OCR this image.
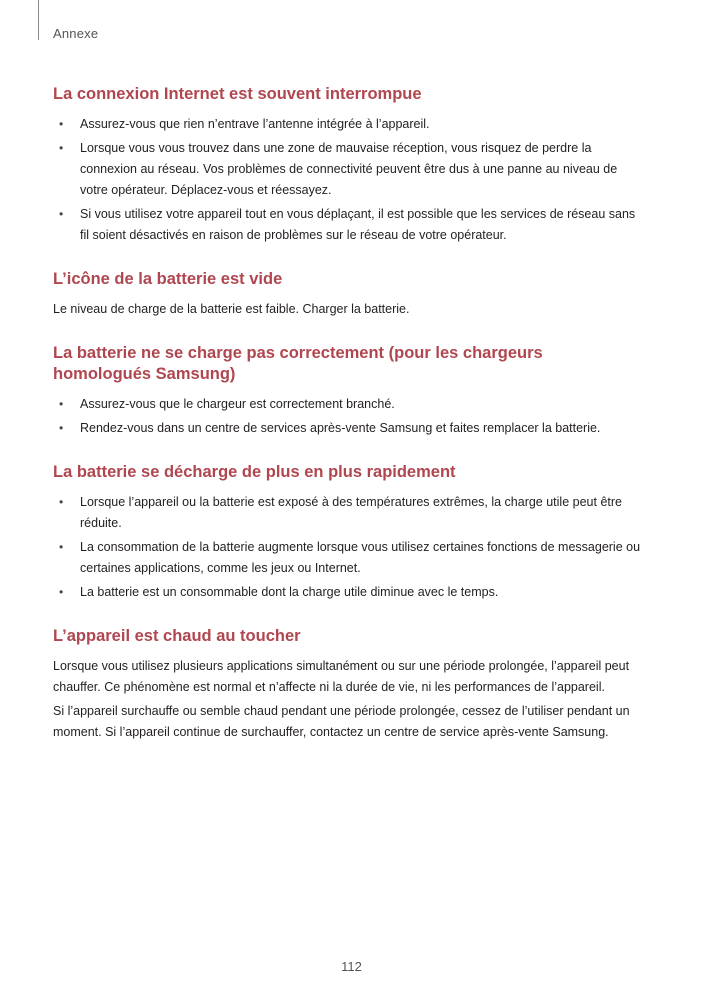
Annexe
La connexion Internet est souvent interrompue
• Assurez-vous que rien n’entrave l’antenne intégrée à l’appareil.
• Lorsque vous vous trouvez dans une zone de mauvaise réception, vous risquez de perdre la connexion au réseau. Vos problèmes de connectivité peuvent être dus à une panne au niveau de votre opérateur. Déplacez-vous et réessayez.
• Si vous utilisez votre appareil tout en vous déplaçant, il est possible que les services de réseau sans fil soient désactivés en raison de problèmes sur le réseau de votre opérateur.
L’icône de la batterie est vide

Le niveau de charge de la batterie est faible. Charger la batterie.

La batterie ne se charge pas correctement (pour les chargeurs homologués Samsung)
• Assurez-vous que le chargeur est correctement branché.
• Rendez-vous dans un centre de services après-vente Samsung et faites remplacer la batterie.
La batterie se décharge de plus en plus rapidement
• Lorsque l’appareil ou la batterie est exposé à des températures extrêmes, la charge utile peut être réduite.
• La consommation de la batterie augmente lorsque vous utilisez certaines fonctions de messagerie ou certaines applications, comme les jeux ou Internet.
• La batterie est un consommable dont la charge utile diminue avec le temps.
L’appareil est chaud au toucher

Lorsque vous utilisez plusieurs applications simultanément ou sur une période prolongée, l’appareil peut chauffer. Ce phénomène est normal et n’affecte ni la durée de vie, ni les performances de l’appareil.

Si l’appareil surchauffe ou semble chaud pendant une période prolongée, cessez de l’utiliser pendant un moment. Si l’appareil continue de surchauffer, contactez un centre de service après-vente Samsung.

112
